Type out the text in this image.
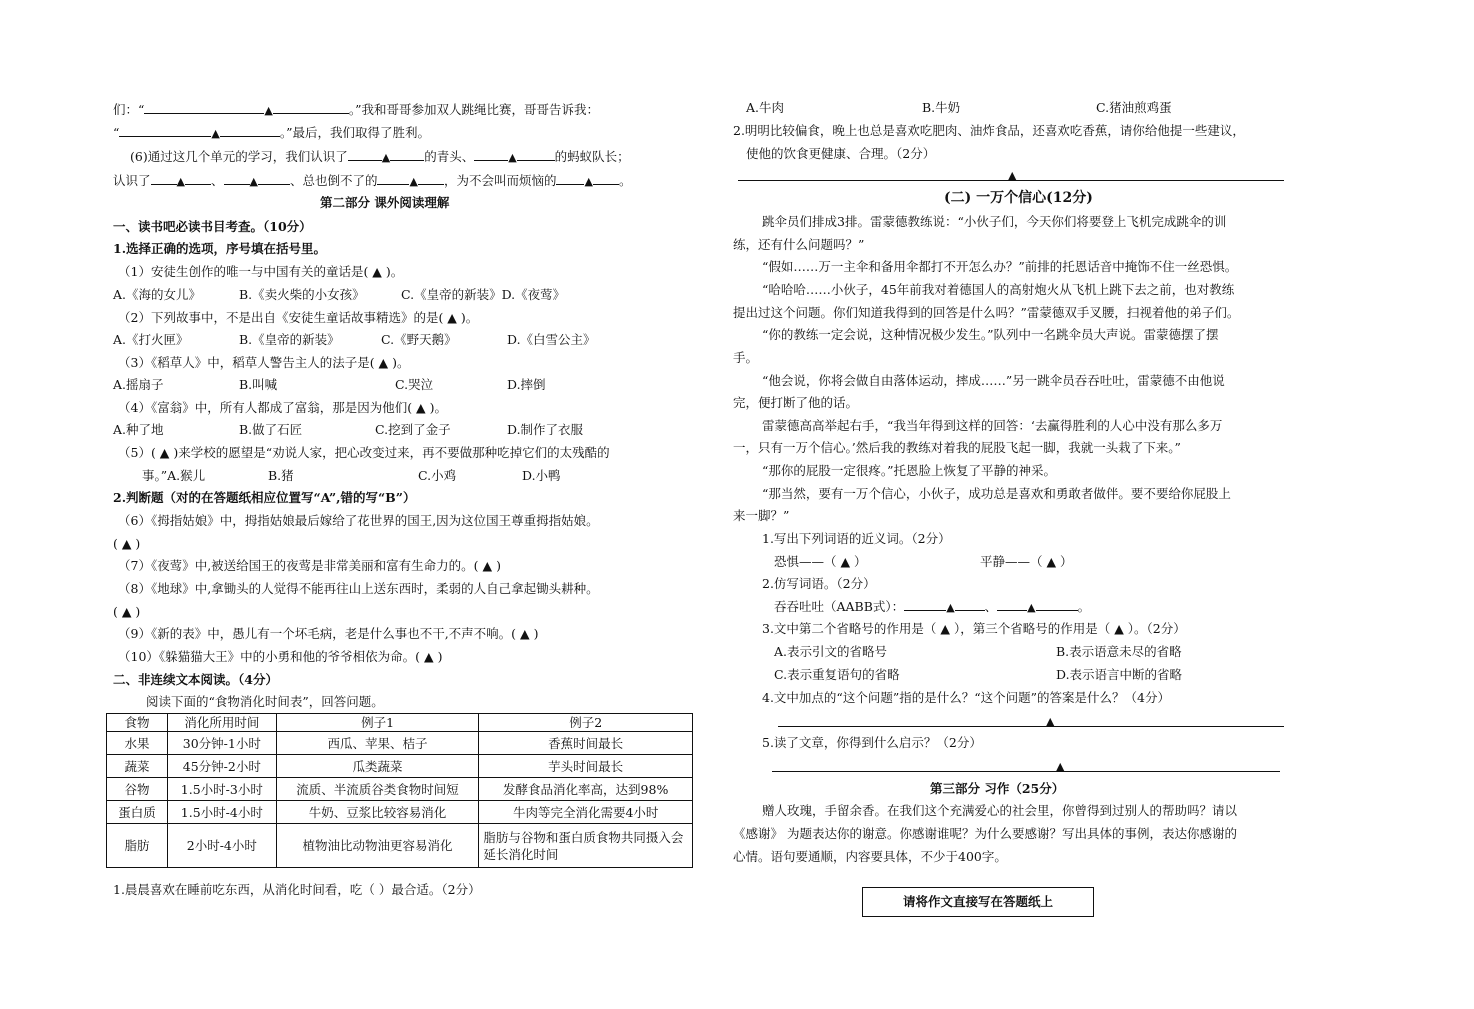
们：“	▲	。”我和哥哥参加双人跳绳比赛，哥哥告诉我：
“	▲	。”最后，我们取得了胜利。
(6)通过这几个单元的学习，我们认识了	▲	的青头、	▲	的蚂蚁队长；
认识了 ▲ 、 ▲	、总也倒不了的	▲ ，为不会叫而烦恼的	▲ 。
第二部分 课外阅读理解
一、读书吧必读书目考查。（10分）
1.选择正确的选项，序号填在括号里。
（1）安徒生创作的唯一与中国有关的童话是( ▲ )。
A.《海的女儿》	B.《卖火柴的小女孩》	C.《皇帝的新装》D.《夜莺》
（2）下列故事中，不是出自《安徒生童话故事精选》的是( ▲ )。
A.《打火匣》	B.《皇帝的新装》	C.《野天鹅》	D.《白雪公主》
（3）《稻草人》中，稻草人警告主人的法子是( ▲ )。
A.摇扇子	B.叫喊	C.哭泣	D.摔倒
（4）《富翁》中，所有人都成了富翁，那是因为他们( ▲ )。
A.种了地	B.做了石匠	C.挖到了金子	D.制作了衣服
（5）( ▲ )来学校的愿望是“劝说人家，把心改变过来，再不要做那种吃掉它们的太残酷的
事。”A.猴儿	B.猪	C.小鸡	D.小鸭
2.判断题（对的在答题纸相应位置写“A”,错的写“B”）
（6）《拇指姑娘》中，拇指姑娘最后嫁给了花世界的国王,因为这位国王尊重拇指姑娘。
( ▲ )
（7）《夜莺》中,被送给国王的夜莺是非常美丽和富有生命力的。( ▲ )
（8）《地球》中,拿锄头的人觉得不能再往山上送东西时，柔弱的人自己拿起锄头耕种。
( ▲ )
（9）《新的表》中，愚儿有一个坏毛病，老是什么事也不干,不声不响。( ▲ )
（10）《躲猫猫大王》中的小勇和他的爷爷相依为命。( ▲ )
二、非连续文本阅读。（4分）
阅读下面的“食物消化时间表”，回答问题。
食物	消化所用时间	例子1	例子2
水果	30分钟-1小时	西瓜、苹果、桔子	香蕉时间最长
蔬菜	45分钟-2小时	瓜类蔬菜	芋头时间最长
谷物	1.5小时-3小时	流质、半流质谷类食物时间短	发酵食品消化率高，达到98%
蛋白质	1.5小时-4小时	牛奶、豆浆比较容易消化	牛肉等完全消化需要4小时
脂肪	2小时-4小时	植物油比动物油更容易消化	脂肪与谷物和蛋白质食物共同摄入会延长消化时间
1.晨晨喜欢在睡前吃东西，从消化时间看，吃（ ）最合适。（2分）
A.牛肉	B.牛奶	C.猪油煎鸡蛋
2.明明比较偏食，晚上也总是喜欢吃肥肉、油炸食品，还喜欢吃香蕉，请你给他提一些建议，
使他的饮食更健康、合理。（2分）
▲
(二) 一万个信心(12分)
跳伞员们排成3排。雷蒙德教练说：“小伙子们，今天你们将要登上飞机完成跳伞的训
练，还有什么问题吗？”
“假如……万一主伞和备用伞都打不开怎么办？”前排的托恩话音中掩饰不住一丝恐惧。
“哈哈哈……小伙子，45年前我对着德国人的高射炮火从飞机上跳下去之前，也对教练
提出过这个问题。你们知道我得到的回答是什么吗？”雷蒙德双手叉腰，扫视着他的弟子们。
“你的教练一定会说，这种情况极少发生。”队列中一名跳伞员大声说。雷蒙德摆了摆
手。
“他会说，你将会做自由落体运动，摔成……”另一跳伞员吞吞吐吐，雷蒙德不由他说
完，便打断了他的话。
雷蒙德高高举起右手，“我当年得到这样的回答：‘去赢得胜利的人心中没有那么多万
一，只有一万个信心。’然后我的教练对着我的屁股飞起一脚，我就一头栽了下来。”
“那你的屁股一定很疼。”托恩脸上恢复了平静的神采。
“那当然，要有一万个信心，小伙子，成功总是喜欢和勇敢者做伴。要不要给你屁股上
来一脚？”
1.写出下列词语的近义词。（2分）
恐惧——（ ▲ ）	平静——（ ▲ ）
2.仿写词语。（2分）
吞吞吐吐（AABB式）：	▲ 、	▲	。
3.文中第二个省略号的作用是（ ▲ ），第三个省略号的作用是（ ▲ ）。（2分）
A.表示引文的省略号	B.表示语意未尽的省略
C.表示重复语句的省略	D.表示语言中断的省略
4.文中加点的“这个问题”指的是什么？“这个问题”的答案是什么？（4分）
▲
5.读了文章，你得到什么启示？（2分）
▲
第三部分 习作（25分）
赠人玫瑰，手留余香。在我们这个充满爱心的社会里，你曾得到过别人的帮助吗？请以
《感谢》 为题表达你的谢意。你感谢谁呢？为什么要感谢？写出具体的事例，表达你感谢的
心情。语句要通顺，内容要具体，不少于400字。
请将作文直接写在答题纸上
